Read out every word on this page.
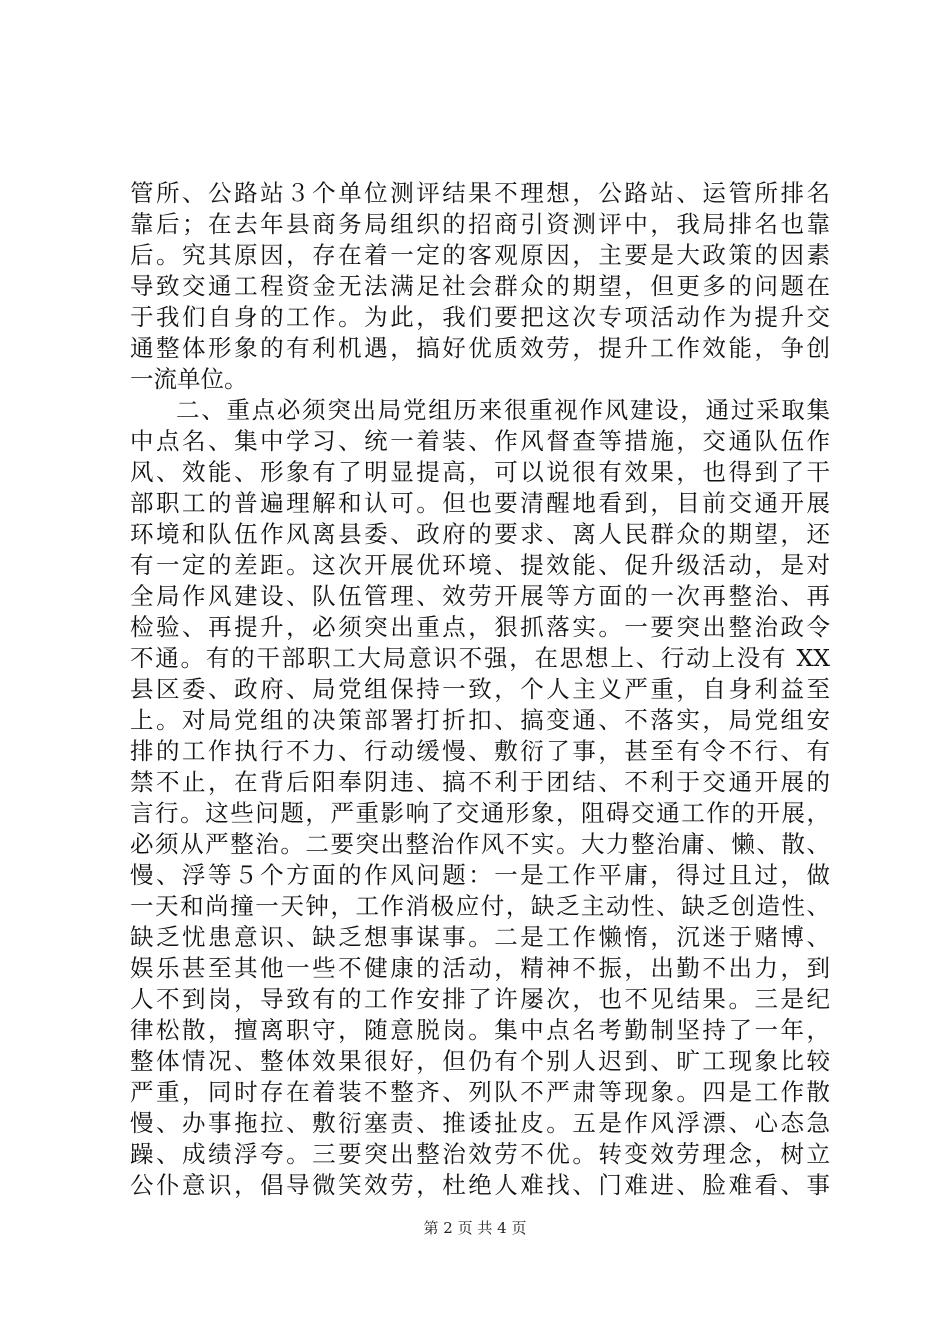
管所、公路站３个单位测评结果不理想，公路站、运管所排名
靠后；在去年县商务局组织的招商引资测评中，我局排名也靠
后。究其原因，存在着一定的客观原因，主要是大政策的因素
导致交通工程资金无法满足社会群众的期望，但更多的问题在
于我们自身的工作。为此，我们要把这次专项活动作为提升交
通整体形象的有利机遇，搞好优质效劳，提升工作效能，争创
一流单位。
二、重点必须突出局党组历来很重视作风建设，通过采取集
中点名、集中学习、统一着装、作风督查等措施，交通队伍作
风、效能、形象有了明显提高，可以说很有效果，也得到了干
部职工的普遍理解和认可。但也要清醒地看到，目前交通开展
环境和队伍作风离县委、政府的要求、离人民群众的期望，还
有一定的差距。这次开展优环境、提效能、促升级活动，是对
全局作风建设、队伍管理、效劳开展等方面的一次再整治、再
检验、再提升，必须突出重点，狠抓落实。一要突出整治政令
不通。有的干部职工大局意识不强，在思想上、行动上没有 XX
县区委、政府、局党组保持一致，个人主义严重，自身利益至
上。对局党组的决策部署打折扣、搞变通、不落实，局党组安
排的工作执行不力、行动缓慢、敷衍了事，甚至有令不行、有
禁不止，在背后阳奉阴违、搞不利于团结、不利于交通开展的
言行。这些问题，严重影响了交通形象，阻碍交通工作的开展，
必须从严整治。二要突出整治作风不实。大力整治庸、懒、散、
慢、浮等５个方面的作风问题：一是工作平庸，得过且过，做
一天和尚撞一天钟，工作消极应付，缺乏主动性、缺乏创造性、
缺乏忧患意识、缺乏想事谋事。二是工作懒惰，沉迷于赌博、
娱乐甚至其他一些不健康的活动，精神不振，出勤不出力，到
人不到岗，导致有的工作安排了许屡次，也不见结果。三是纪
律松散，擅离职守，随意脱岗。集中点名考勤制坚持了一年，
整体情况、整体效果很好，但仍有个别人迟到、旷工现象比较
严重，同时存在着装不整齐、列队不严肃等现象。四是工作散
慢、办事拖拉、敷衍塞责、推诿扯皮。五是作风浮漂、心态急
躁、成绩浮夸。三要突出整治效劳不优。转变效劳理念，树立
公仆意识，倡导微笑效劳，杜绝人难找、门难进、脸难看、事
第 2 页 共 4 页
